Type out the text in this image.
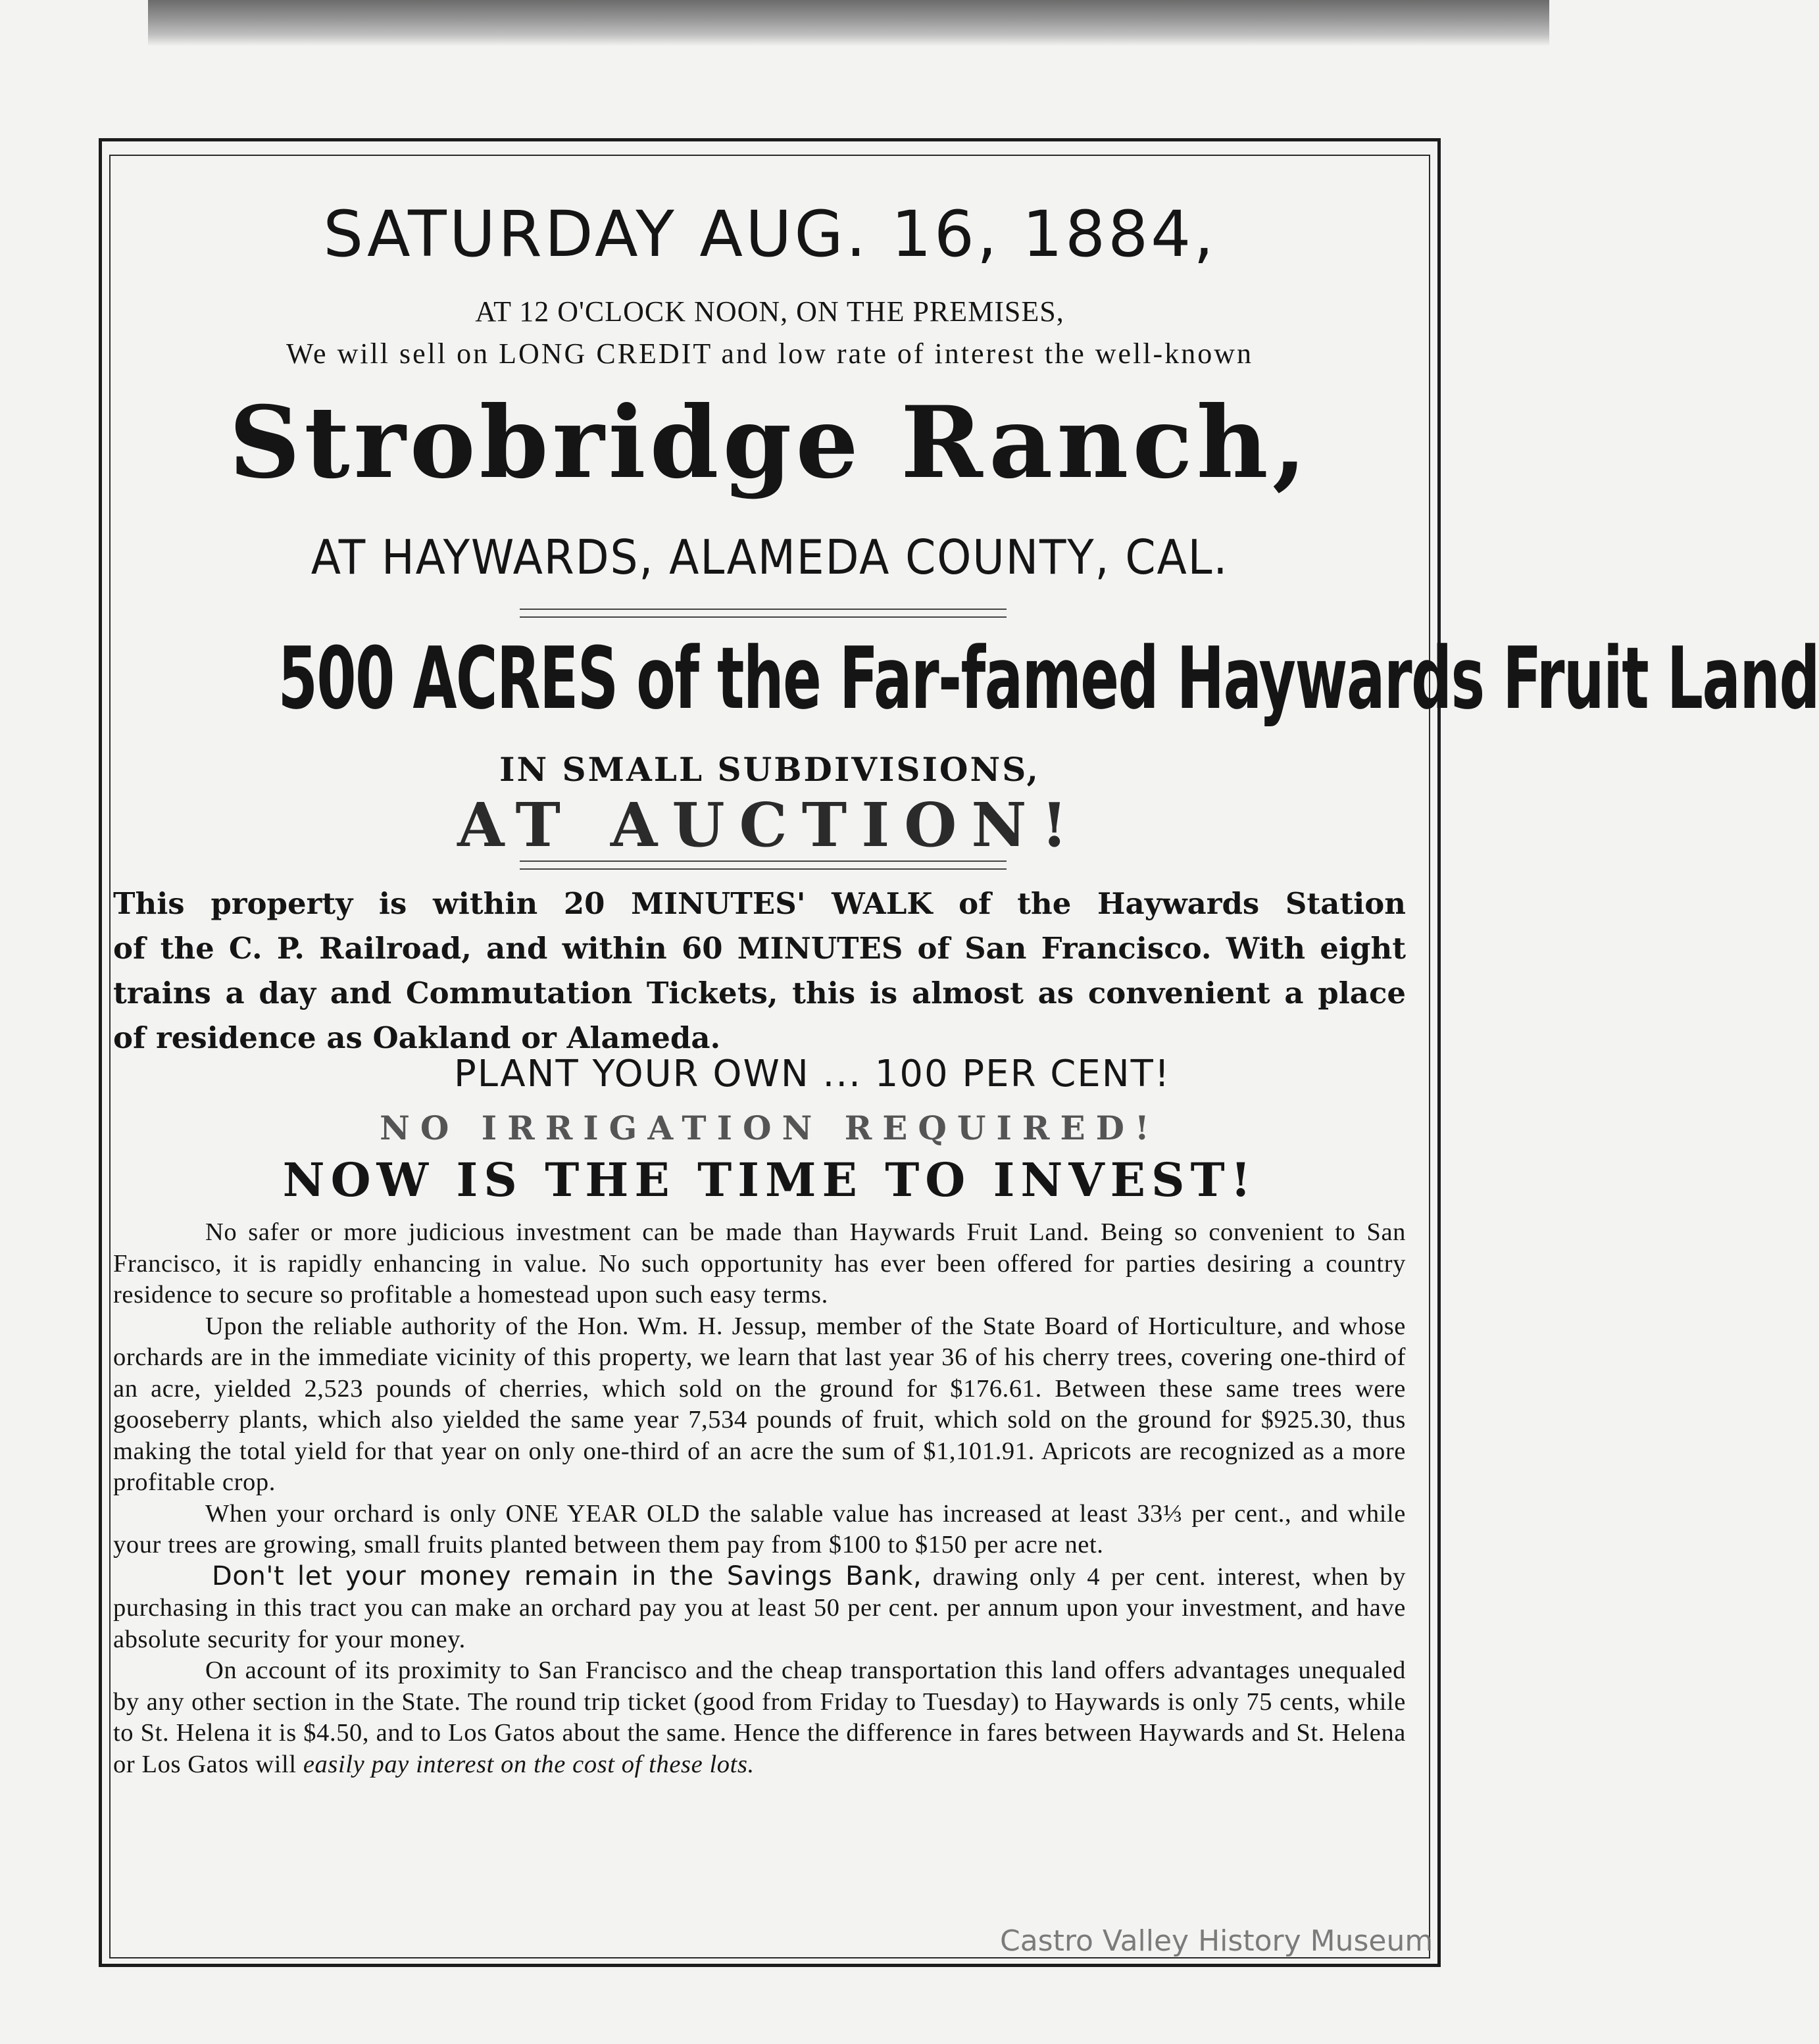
SATURDAY AUG. 16, 1884,
AT 12 O'CLOCK NOON, ON THE PREMISES,
We will sell on LONG CREDIT and low rate of interest the well-known
Strobridge Ranch,
AT HAYWARDS, ALAMEDA COUNTY, CAL.
500 ACRES of the Far-famed Haywards Fruit Land
IN SMALL SUBDIVISIONS,
AT AUCTION!
This property is within 20 MINUTES' WALK of the Haywards Station
of the C. P. Railroad, and within 60 MINUTES of San Francisco. With eight
trains a day and Commutation Tickets, this is almost as convenient a place
of residence as Oakland or Alameda.
PLANT YOUR OWN ... 100 PER CENT!
NO IRRIGATION REQUIRED!
NOW IS THE TIME TO INVEST!

No safer or more judicious investment can be made than Haywards Fruit Land. Being so convenient to San Francisco, it is rapidly enhancing in value. No such opportunity has ever been offered for parties desiring a country residence to secure so profitable a homestead upon such easy terms.

Upon the reliable authority of the Hon. Wm. H. Jessup, member of the State Board of Horticulture, and whose orchards are in the immediate vicinity of this property, we learn that last year 36 of his cherry trees, covering one-third of an acre, yielded 2,523 pounds of cherries, which sold on the ground for $176.61. Between these same trees were gooseberry plants, which also yielded the same year 7,534 pounds of fruit, which sold on the ground for $925.30, thus making the total yield for that year on only one-third of an acre the sum of $1,101.91. Apricots are recognized as a more profitable crop.

When your orchard is only ONE YEAR OLD the salable value has increased at least 33⅓ per cent., and while your trees are growing, small fruits planted between them pay from $100 to $150 per acre net.

Don't let your money remain in the Savings Bank, drawing only 4 per cent. interest, when by purchasing in this tract you can make an orchard pay you at least 50 per cent. per annum upon your investment, and have absolute security for your money.

On account of its proximity to San Francisco and the cheap transportation this land offers advantages unequaled by any other section in the State. The round trip ticket (good from Friday to Tuesday) to Haywards is only 75 cents, while to St. Helena it is $4.50, and to Los Gatos about the same. Hence the difference in fares between Haywards and St. Helena or Los Gatos will easily pay interest on the cost of these lots.

Castro Valley History Museum
